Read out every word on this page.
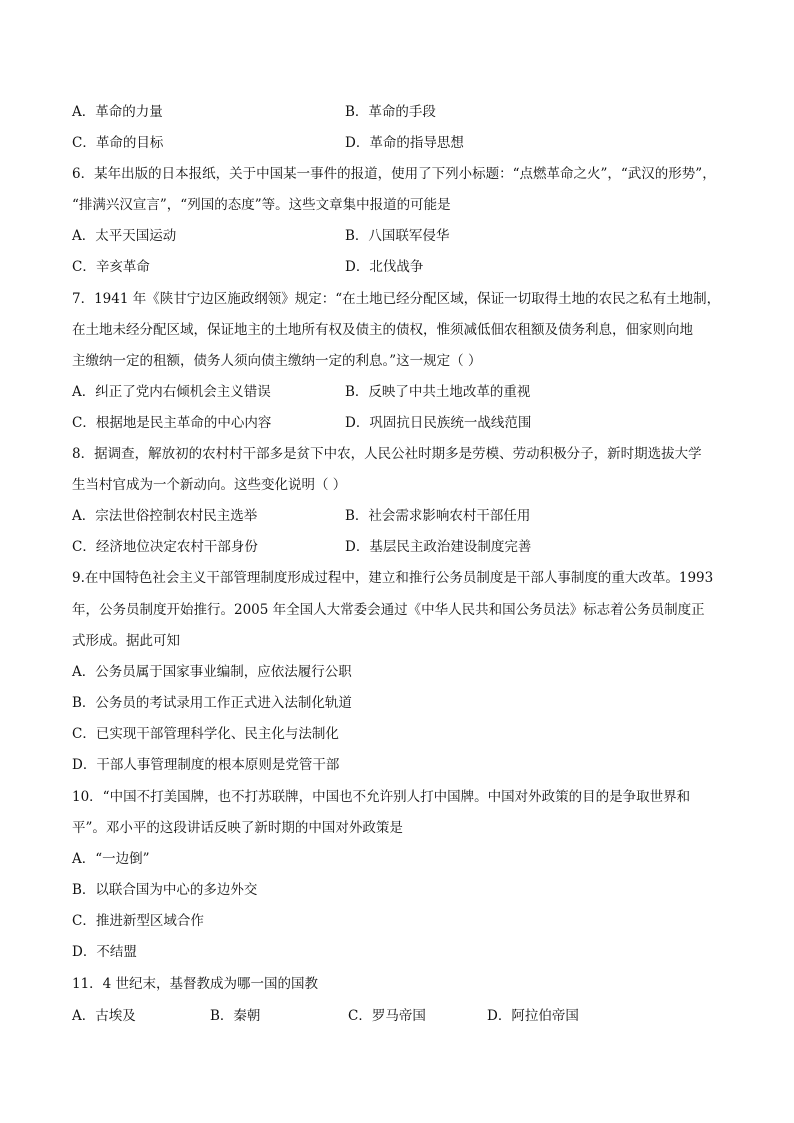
A．革命的力量	B．革命的手段
C．革命的目标	D．革命的指导思想
6．某年出版的日本报纸，关于中国某一事件的报道，使用了下列小标题：“点燃革命之火”，“武汉的形势”，
“排满兴汉宣言”，“列国的态度”等。这些文章集中报道的可能是
A．太平天国运动	B．八国联军侵华
C．辛亥革命	D．北伐战争
7．1941 年《陕甘宁边区施政纲领》规定：“在土地已经分配区域，保证一切取得土地的农民之私有土地制，
在土地未经分配区域，保证地主的土地所有权及债主的债权，惟须减低佃农租额及债务利息，佃家则向地
主缴纳一定的租额，债务人须向债主缴纳一定的利息。”这一规定（ ）
A．纠正了党内右倾机会主义错误	B．反映了中共土地改革的重视
C．根据地是民主革命的中心内容	D．巩固抗日民族统一战线范围
8．据调查，解放初的农村村干部多是贫下中农，人民公社时期多是劳模、劳动积极分子，新时期选拔大学
生当村官成为一个新动向。这些变化说明（ ）
A．宗法世俗控制农村民主选举	B．社会需求影响农村干部任用
C．经济地位决定农村干部身份	D．基层民主政治建设制度完善
9.在中国特色社会主义干部管理制度形成过程中，建立和推行公务员制度是干部人事制度的重大改革。1993
年，公务员制度开始推行。2005 年全国人大常委会通过《中华人民共和国公务员法》标志着公务员制度正
式形成。据此可知
A．公务员属于国家事业编制，应依法履行公职
B．公务员的考试录用工作正式进入法制化轨道
C．已实现干部管理科学化、民主化与法制化
D．干部人事管理制度的根本原则是党管干部
10．“中国不打美国牌，也不打苏联牌，中国也不允许别人打中国牌。中国对外政策的目的是争取世界和
平”。邓小平的这段讲话反映了新时期的中国对外政策是
A．“一边倒”
B．以联合国为中心的多边外交
C．推进新型区域合作
D．不结盟
11．4 世纪末，基督教成为哪一国的国教
A．古埃及	B．秦朝	C．罗马帝国	D．阿拉伯帝国
